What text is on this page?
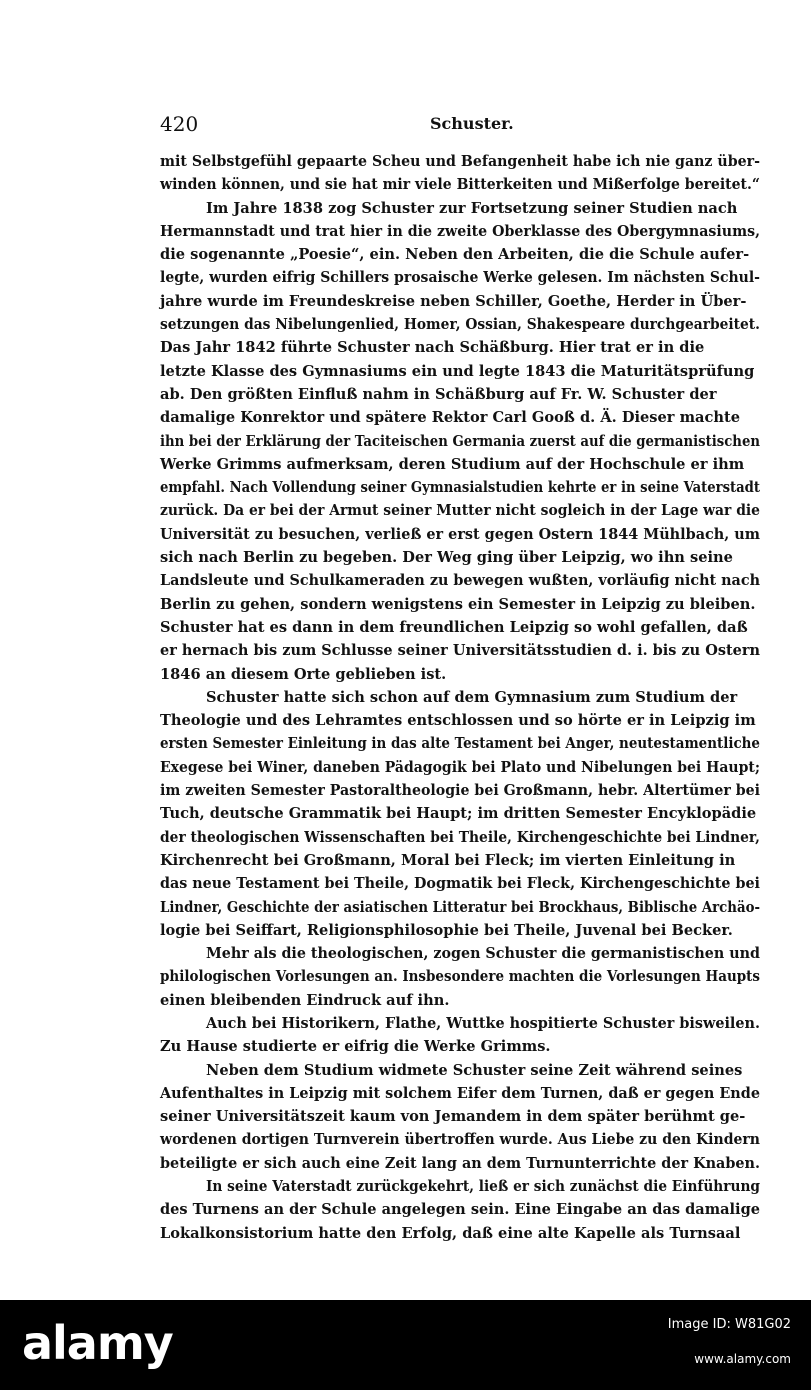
420	Schuster.
mit Selbstgefühl gepaarte Scheu und Befangenheit habe ich nie ganz über-
winden können, und sie hat mir viele Bitterkeiten und Mißerfolge bereitet.“
Im Jahre 1838 zog Schuster zur Fortsetzung seiner Studien nach
Hermannstadt und trat hier in die zweite Oberklasse des Obergymnasiums,
die sogenannte „Poesie“, ein. Neben den Arbeiten, die die Schule aufer-
legte, wurden eifrig Schillers prosaische Werke gelesen. Im nächsten Schul-
jahre wurde im Freundeskreise neben Schiller, Goethe, Herder in Über-
setzungen das Nibelungenlied, Homer, Ossian, Shakespeare durchgearbeitet.
Das Jahr 1842 führte Schuster nach Schäßburg. Hier trat er in die
letzte Klasse des Gymnasiums ein und legte 1843 die Maturitätsprüfung
ab. Den größten Einfluß nahm in Schäßburg auf Fr. W. Schuster der
damalige Konrektor und spätere Rektor Carl Gooß d. Ä. Dieser machte
ihn bei der Erklärung der Taciteischen Germania zuerst auf die germanistischen
Werke Grimms aufmerksam, deren Studium auf der Hochschule er ihm
empfahl. Nach Vollendung seiner Gymnasialstudien kehrte er in seine Vaterstadt
zurück. Da er bei der Armut seiner Mutter nicht sogleich in der Lage war die
Universität zu besuchen, verließ er erst gegen Ostern 1844 Mühlbach, um
sich nach Berlin zu begeben. Der Weg ging über Leipzig, wo ihn seine
Landsleute und Schulkameraden zu bewegen wußten, vorläufig nicht nach
Berlin zu gehen, sondern wenigstens ein Semester in Leipzig zu bleiben.
Schuster hat es dann in dem freundlichen Leipzig so wohl gefallen, daß
er hernach bis zum Schlusse seiner Universitätsstudien d. i. bis zu Ostern
1846 an diesem Orte geblieben ist.
Schuster hatte sich schon auf dem Gymnasium zum Studium der
Theologie und des Lehramtes entschlossen und so hörte er in Leipzig im
ersten Semester Einleitung in das alte Testament bei Anger, neutestamentliche
Exegese bei Winer, daneben Pädagogik bei Plato und Nibelungen bei Haupt;
im zweiten Semester Pastoraltheologie bei Großmann, hebr. Altertümer bei
Tuch, deutsche Grammatik bei Haupt; im dritten Semester Encyklopädie
der theologischen Wissenschaften bei Theile, Kirchengeschichte bei Lindner,
Kirchenrecht bei Großmann, Moral bei Fleck; im vierten Einleitung in
das neue Testament bei Theile, Dogmatik bei Fleck, Kirchengeschichte bei
Lindner, Geschichte der asiatischen Litteratur bei Brockhaus, Biblische Archäo-
logie bei Seiffart, Religionsphilosophie bei Theile, Juvenal bei Becker.
Mehr als die theologischen, zogen Schuster die germanistischen und
philologischen Vorlesungen an. Insbesondere machten die Vorlesungen Haupts
einen bleibenden Eindruck auf ihn.
Auch bei Historikern, Flathe, Wuttke hospitierte Schuster bisweilen.
Zu Hause studierte er eifrig die Werke Grimms.
Neben dem Studium widmete Schuster seine Zeit während seines
Aufenthaltes in Leipzig mit solchem Eifer dem Turnen, daß er gegen Ende
seiner Universitätszeit kaum von Jemandem in dem später berühmt ge-
wordenen dortigen Turnverein übertroffen wurde. Aus Liebe zu den Kindern
beteiligte er sich auch eine Zeit lang an dem Turnunterrichte der Knaben.
In seine Vaterstadt zurückgekehrt, ließ er sich zunächst die Einführung
des Turnens an der Schule angelegen sein. Eine Eingabe an das damalige
Lokalkonsistorium hatte den Erfolg, daß eine alte Kapelle als Turnsaal
alamy	Image ID: W81G02
www.alamy.com
